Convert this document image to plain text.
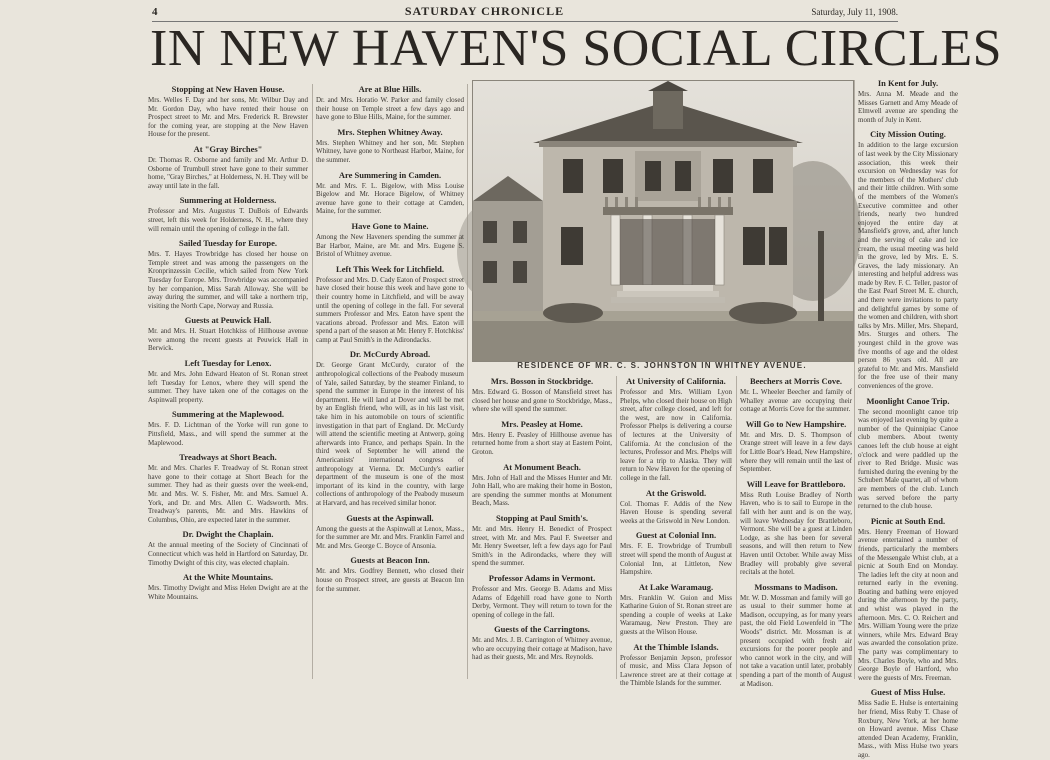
4	SATURDAY CHRONICLE	Saturday, July 11, 1908.
IN NEW HAVEN'S SOCIAL CIRCLES
RESIDENCE OF MR. C. S. JOHNSTON IN WHITNEY AVENUE.
Stopping at New Haven House.

Mrs. Welles F. Day and her sons, Mr. Wilbur Day and Mr. Gordon Day, who have rented their house on Prospect street to Mr. and Mrs. Frederick R. Brewster for the coming year, are stopping at the New Haven House for the present.

At "Gray Birches"

Dr. Thomas R. Osborne and family and Mr. Arthur D. Osborne of Trumbull street have gone to their summer home, "Gray Birches," at Holderness, N. H. They will be away until late in the fall.

Summering at Holderness.

Professor and Mrs. Augustus T. DuBois of Edwards street, left this week for Holderness, N. H., where they will remain until the opening of college in the fall.

Sailed Tuesday for Europe.

Mrs. T. Hayes Trowbridge has closed her house on Temple street and was among the passengers on the Kronprinzessin Cecilie, which sailed from New York Tuesday for Europe. Mrs. Trowbridge was accompanied by her companion, Miss Sarah Alloway. She will be away during the summer, and will take a northern trip, visiting the North Cape, Norway and Russia.

Guests at Peuwick Hall.

Mr. and Mrs. H. Stuart Hotchkiss of Hillhouse avenue were among the recent guests at Peuwick Hall in Berwick.

Left Tuesday for Lenox.

Mr. and Mrs. John Edward Heaton of St. Ronan street left Tuesday for Lenox, where they will spend the summer. They have taken one of the cottages on the Aspinwall property.

Summering at the Maplewood.

Mrs. F. D. Lichtman of the Yorke will run gone to Pittsfield, Mass., and will spend the summer at the Maplewood.

Treadways at Short Beach.

Mr. and Mrs. Charles F. Treadway of St. Ronan street have gone to their cottage at Short Beach for the summer. They had as their guests over the week-end, Mr. and Mrs. W. S. Fisher, Mr. and Mrs. Samuel A. York, and Dr. and Mrs. Allen C. Wadsworth. Mrs. Treadway's parents, Mr. and Mrs. Hawkins of Columbus, Ohio, are expected later in the summer.

Dr. Dwight the Chaplain.

At the annual meeting of the Society of Cincinnati of Connecticut which was held in Hartford on Saturday, Dr. Timothy Dwight of this city, was elected chaplain.

At the White Mountains.

Mrs. Timothy Dwight and Miss Helen Dwight are at the White Mountains.

Are at Blue Hills.

Dr. and Mrs. Horatio W. Parker and family closed their house on Temple street a few days ago and have gone to Blue Hills, Maine, for the summer.

Mrs. Stephen Whitney Away.

Mrs. Stephen Whitney and her son, Mr. Stephen Whitney, have gone to Northeast Harbor, Maine, for the summer.

Are Summering in Camden.

Mr. and Mrs. F. L. Bigelow, with Miss Louise Bigelow and Mr. Horace Bigelow, of Whitney avenue have gone to their cottage at Camden, Maine, for the summer.

Have Gone to Maine.

Among the New Haveners spending the summer at Bar Harbor, Maine, are Mr. and Mrs. Eugene S. Bristol of Whitney avenue.

Left This Week for Litchfield.

Professor and Mrs. D. Cady Eaton of Prospect street have closed their house this week and have gone to their country home in Litchfield, and will be away until the opening of college in the fall. For several summers Professor and Mrs. Eaton have spent the vacations abroad. Professor and Mrs. Eaton will spend a part of the season at Mr. Henry F. Hotchkiss' camp at Paul Smith's in the Adirondacks.

Dr. McCurdy Abroad.

Dr. George Grant McCurdy, curator of the anthropological collections of the Peabody museum of Yale, sailed Saturday, by the steamer Finland, to spend the summer in Europe in the interest of his department. He will land at Dover and will be met by an English friend, who will, as in his last visit, take him in his automobile on tours of scientific investigation in that part of England. Dr. McCurdy will attend the scientific meeting at Antwerp, going afterwards into France, and perhaps Spain. In the third week of September he will attend the Americanists' international congress of anthropology at Vienna. Dr. McCurdy's earlier department of the museum is one of the most important of its kind in the country, with large collections of anthropology of the Peabody museum at Harvard, and has received similar honor.

Guests at the Aspinwall.

Among the guests at the Aspinwall at Lenox, Mass., for the summer are Mr. and Mrs. Franklin Farrel and Mr. and Mrs. George C. Boyce of Ansonia.

Guests at Beacon Inn.

Mr. and Mrs. Godfrey Bennett, who closed their house on Prospect street, are guests at Beacon Inn for the summer.

Mrs. Bosson in Stockbridge.

Mrs. Edward G. Bosson of Mansfield street has closed her house and gone to Stockbridge, Mass., where she will spend the summer.

Mrs. Peasley at Home.

Mrs. Henry E. Peasley of Hillhouse avenue has returned home from a short stay at Eastern Point, Groton.

At Monument Beach.

Mrs. John of Hall and the Misses Hunter and Mr. John Hall, who are making their home in Boston, are spending the summer months at Monument Beach, Mass.

Stopping at Paul Smith's.

Mr. and Mrs. Henry H. Benedict of Prospect street, with Mr. and Mrs. Paul F. Sweetser and Mr. Henry Sweetser, left a few days ago for Paul Smith's in the Adirondacks, where they will spend the summer.

Professor Adams in Vermont.

Professor and Mrs. George B. Adams and Miss Adams of Edgehill road have gone to North Derby, Vermont. They will return to town for the opening of college in the fall.

Guests of the Carringtons.

Mr. and Mrs. J. B. Carrington of Whitney avenue, who are occupying their cottage at Madison, have had as their guests, Mr. and Mrs. Reynolds.

At University of California.

Professor and Mrs. William Lyon Phelps, who closed their house on High street, after college closed, and left for the west, are now in California. Professor Phelps is delivering a course of lectures at the University of California. At the conclusion of the lectures, Professor and Mrs. Phelps will leave for a trip to Alaska. They will return to New Haven for the opening of college in the fall.

At the Griswold.

Col. Thomas F. Addis of the New Haven House is spending several weeks at the Griswold in New London.

Guest at Colonial Inn.

Mrs. F. E. Trowbridge of Trumbull street will spend the month of August at Colonial Inn, at Littleton, New Hampshire.

At Lake Waramaug.

Mrs. Franklin W. Guion and Miss Katharine Guion of St. Ronan street are spending a couple of weeks at Lake Waramaug, New Preston. They are guests at the Wilson House.

At the Thimble Islands.

Professor Benjamin Jepson, professor of music, and Miss Clara Jepson of Lawrence street are at their cottage at the Thimble Islands for the summer.

Beechers at Morris Cove.

Mr. L. Wheeler Beecher and family of Whalley avenue are occupying their cottage at Morris Cove for the summer.

Will Go to New Hampshire.

Mr. and Mrs. D. S. Thompson of Orange street will leave in a few days for Little Boar's Head, New Hampshire, where they will remain until the last of September.

Will Leave for Brattleboro.

Miss Ruth Louise Bradley of North Haven, who is to sail to Europe in the fall with her aunt and is on the way, will leave Wednesday for Brattleboro, Vermont. She will be a guest at Linden Lodge, as she has been for several seasons, and will then return to New Haven until October. While away Miss Bradley will probably give several recitals at the hotel.

Mossmans to Madison.

Mr. W. D. Mossman and family will go as usual to their summer home at Madison, occupying, as for many years past, the old Field Lowenfeld in "The Woods" district. Mr. Mossman is at present occupied with fresh air excursions for the poorer people and who cannot work in the city, and will not take a vacation until later, probably spending a part of the month of August at Madison.

In Kent for July.

Mrs. Anna M. Meade and the Misses Garnett and Amy Meade of Elmwell avenue are spending the month of July in Kent.

City Mission Outing.

In addition to the large excursion of last week by the City Missionary association, this week their excursion on Wednesday was for the members of the Mothers' club and their little children. With some of the members of the Women's Executive committee and other friends, nearly two hundred enjoyed the entire day at Mansfield's grove, and, after lunch and the serving of cake and ice cream, the usual meeting was held in the grove, led by Mrs. E. S. Graves, the lady missionary. An interesting and helpful address was made by Rev. F. C. Teller, pastor of the East Pearl Street M. E. church, and there were invitations to party and delightful games by some of the women and children, with short talks by Mrs. Miller, Mrs. Shepard, Mrs. Sturges and others. The youngest child in the grove was five months of age and the oldest person 86 years old. All are grateful to Mr. and Mrs. Mansfield for the free use of their many conveniences of the grove.

Moonlight Canoe Trip.

The second moonlight canoe trip was enjoyed last evening by quite a number of the Quinnipiac Canoe club members. About twenty canoes left the club house at eight o'clock and were paddled up the river to Red Bridge. Music was furnished during the evening by the Schubert Male quartet, all of whom are members of the club. Lunch was served before the party returned to the club house.

Picnic at South End.

Mrs. Henry Freeman of Howard avenue entertained a number of friends, particularly the members of the Messengale Whist club, at a picnic at South End on Monday. The ladies left the city at noon and returned early in the evening. Boating and bathing were enjoyed during the afternoon by the party, and whist was played in the afternoon. Mrs. C. O. Reichert and Mrs. William Young were the prize winners, while Mrs. Edward Bray was awarded the consolation prize. The party was complimentary to Mrs. Charles Boyle, who and Mrs. George Boyle of Hartford, who were the guests of Mrs. Freeman.

Guest of Miss Hulse.

Miss Sadie E. Hulse is entertaining her friend, Miss Ruby T. Chase of Roxbury, New York, at her home on Howard avenue. Miss Chase attended Dean Academy, Franklin, Mass., with Miss Hulse two years ago.
